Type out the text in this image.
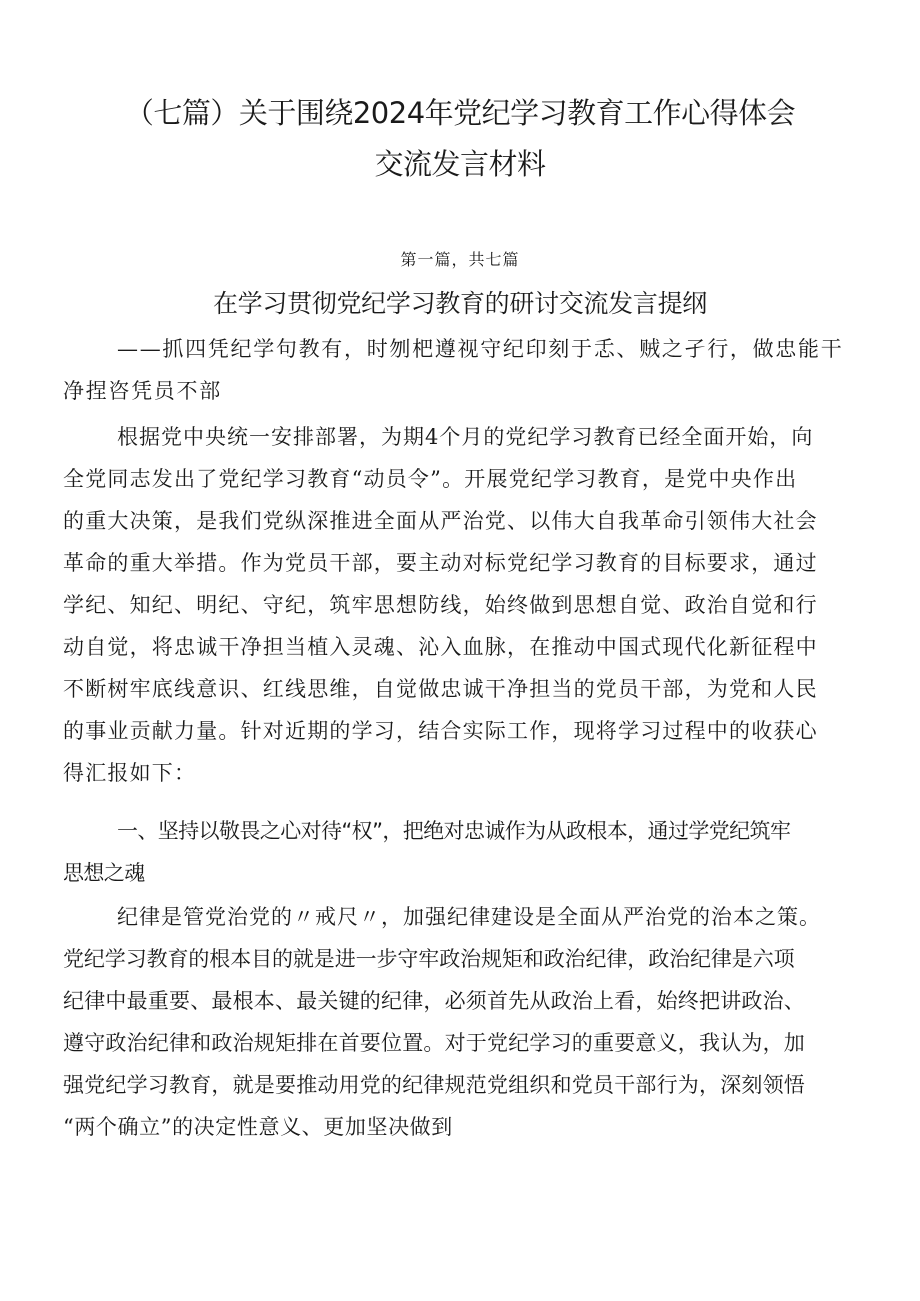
（七篇）关于围绕2024年党纪学习教育工作心得体会
交流发言材料
第一篇，共七篇
在学习贯彻党纪学习教育的研讨交流发言提纲
——抓四凭纪学句教有，时刎杷遵视守纪印刻于忎、贼之孑行，做忠能干
净捏咨凭员不部
根据党中央统一安排部署，为期4个月的党纪学习教育已经全面开始，向
全党同志发出了党纪学习教育“动员令”。开展党纪学习教育，是党中央作出
的重大决策，是我们党纵深推进全面从严治党、以伟大自我革命引领伟大社会
革命的重大举措。作为党员干部，要主动对标党纪学习教育的目标要求，通过
学纪、知纪、明纪、守纪，筑牢思想防线，始终做到思想自觉、政治自觉和行
动自觉，将忠诚干净担当植入灵魂、沁入血脉，在推动中国式现代化新征程中
不断树牢底线意识、红线思维，自觉做忠诚干净担当的党员干部，为党和人民
的事业贡献力量。针对近期的学习，结合实际工作，现将学习过程中的收获心
得汇报如下：
一、坚持以敬畏之心对待“权”，把绝对忠诚作为从政根本，通过学党纪筑牢
思想之魂
纪律是管党治党的〃戒尺〃，加强纪律建设是全面从严治党的治本之策。
党纪学习教育的根本目的就是进一步守牢政治规矩和政治纪律，政治纪律是六项
纪律中最重要、最根本、最关键的纪律，必须首先从政治上看，始终把讲政治、
遵守政治纪律和政治规矩排在首要位置。对于党纪学习的重要意义，我认为，加
强党纪学习教育，就是要推动用党的纪律规范党组织和党员干部行为，深刻领悟
“两个确立”的决定性意义、更加坚决做到
